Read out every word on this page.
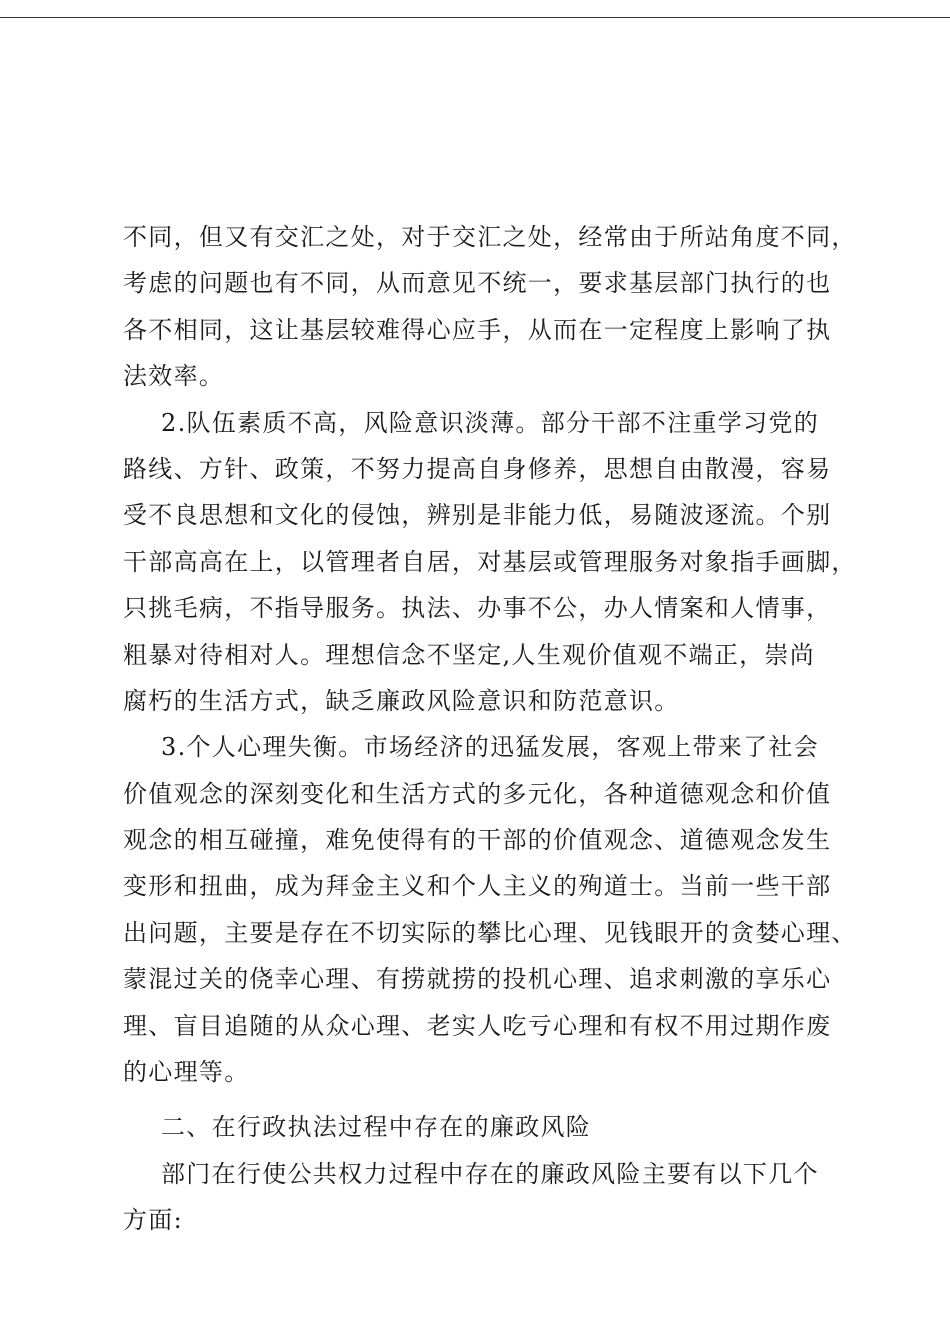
不同，但又有交汇之处，对于交汇之处，经常由于所站角度不同，
考虑的问题也有不同，从而意见不统一，要求基层部门执行的也
各不相同，这让基层较难得心应手，从而在一定程度上影响了执
法效率。
2.队伍素质不高，风险意识淡薄。部分干部不注重学习党的
路线、方针、政策，不努力提高自身修养，思想自由散漫，容易
受不良思想和文化的侵蚀，辨别是非能力低，易随波逐流。个别
干部高高在上，以管理者自居，对基层或管理服务对象指手画脚，
只挑毛病，不指导服务。执法、办事不公，办人情案和人情事，
粗暴对待相对人。理想信念不坚定,人生观价值观不端正，崇尚
腐朽的生活方式，缺乏廉政风险意识和防范意识。
3.个人心理失衡。市场经济的迅猛发展，客观上带来了社会
价值观念的深刻变化和生活方式的多元化，各种道德观念和价值
观念的相互碰撞，难免使得有的干部的价值观念、道德观念发生
变形和扭曲，成为拜金主义和个人主义的殉道士。当前一些干部
出问题，主要是存在不切实际的攀比心理、见钱眼开的贪婪心理、
蒙混过关的侥幸心理、有捞就捞的投机心理、追求刺激的享乐心
理、盲目追随的从众心理、老实人吃亏心理和有权不用过期作废
的心理等。
二、在行政执法过程中存在的廉政风险
部门在行使公共权力过程中存在的廉政风险主要有以下几个
方面:
